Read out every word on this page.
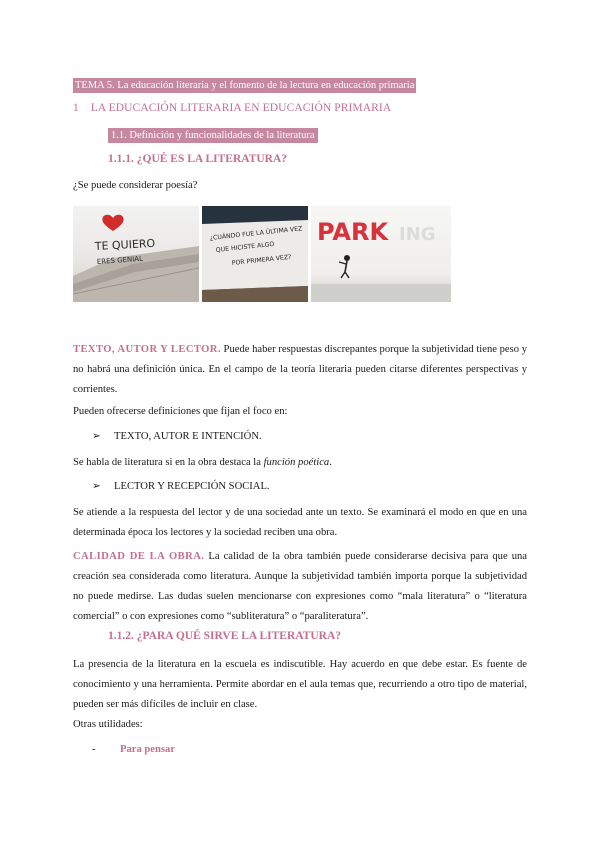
TEMA 5. La educación literaria y el fomento de la lectura en educación primaria
1    LA EDUCACIÓN LITERARIA EN EDUCACIÓN PRIMARIA
1.1. Definición y funcionalidades de la literatura
1.1.1. ¿QUÉ ES LA LITERATURA?
¿Se puede considerar poesía?
TE QUIERO
ERES GENIAL
¿CUÁNDO FUE LA ÚLTIMA VEZ
QUE HICISTE ALGO
POR PRIMERA VEZ?
PARK ING
TEXTO, AUTOR Y LECTOR. Puede haber respuestas discrepantes porque la subjetividad tiene peso y no habrá una definición única. En el campo de la teoría literaria pueden citarse diferentes perspectivas y corrientes.
Pueden ofrecerse definiciones que fijan el foco en:
➢ TEXTO, AUTOR E INTENCIÓN.
Se habla de literatura si en la obra destaca la función poética.
➢ LECTOR Y RECEPCIÓN SOCIAL.
Se atiende a la respuesta del lector y de una sociedad ante un texto. Se examinará el modo en que en una determinada época los lectores y la sociedad reciben una obra.
CALIDAD DE LA OBRA. La calidad de la obra también puede considerarse decisiva para que una creación sea considerada como literatura. Aunque la subjetividad también importa porque la subjetividad no puede medirse. Las dudas suelen mencionarse con expresiones como “mala literatura” o “literatura comercial” o con expresiones como “subliteratura” o “paraliteratura”.
1.1.2. ¿PARA QUÉ SIRVE LA LITERATURA?
La presencia de la literatura en la escuela es indiscutible. Hay acuerdo en que debe estar. Es fuente de conocimiento y una herramienta. Permite abordar en el aula temas que, recurriendo a otro tipo de material, pueden ser más difíciles de incluir en clase.
Otras utilidades:
- Para pensar
